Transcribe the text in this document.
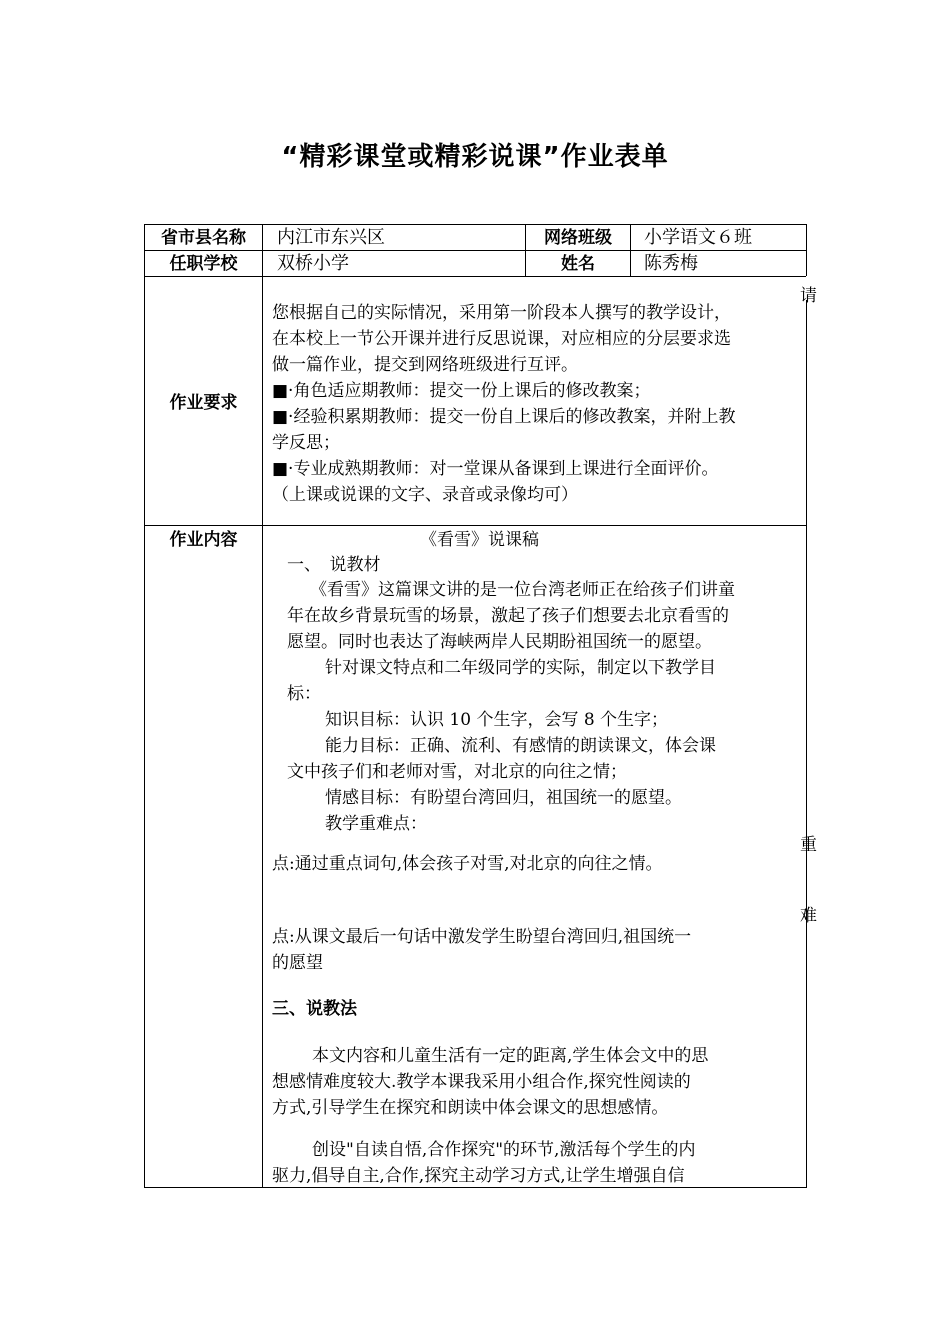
“精彩课堂或精彩说课”作业表单
省市县名称	内江市东兴区	网络班级	小学语文６班
任职学校	双桥小学	姓名	陈秀梅
请
作业要求
您根据自己的实际情况，采用第一阶段本人撰写的教学设计，
在本校上一节公开课并进行反思说课，对应相应的分层要求选
做一篇作业，提交到网络班级进行互评。
■·角色适应期教师：提交一份上课后的修改教案；
■·经验积累期教师：提交一份自上课后的修改教案，并附上教
学反思；
■·专业成熟期教师：对一堂课从备课到上课进行全面评价。
（上课或说课的文字、录音或录像均可）
作业内容	《看雪》说课稿
一、　说教材
《看雪》这篇课文讲的是一位台湾老师正在给孩子们讲童
年在故乡背景玩雪的场景，激起了孩子们想要去北京看雪的
愿望。同时也表达了海峡两岸人民期盼祖国统一的愿望。
针对课文特点和二年级同学的实际，制定以下教学目
标：
知识目标：认识 10 个生字，会写 8 个生字；
能力目标：正确、流利、有感情的朗读课文，体会课
文中孩子们和老师对雪，对北京的向往之情；
情感目标：有盼望台湾回归，祖国统一的愿望。
教学重难点：
重
点:通过重点词句,体会孩子对雪,对北京的向往之情。
难
点:从课文最后一句话中激发学生盼望台湾回归,祖国统一
的愿望
三、说教法
本文内容和儿童生活有一定的距离,学生体会文中的思
想感情难度较大.教学本课我采用小组合作,探究性阅读的
方式,引导学生在探究和朗读中体会课文的思想感情。
创设"自读自悟,合作探究"的环节,激活每个学生的内
驱力,倡导自主,合作,探究主动学习方式,让学生增强自信
